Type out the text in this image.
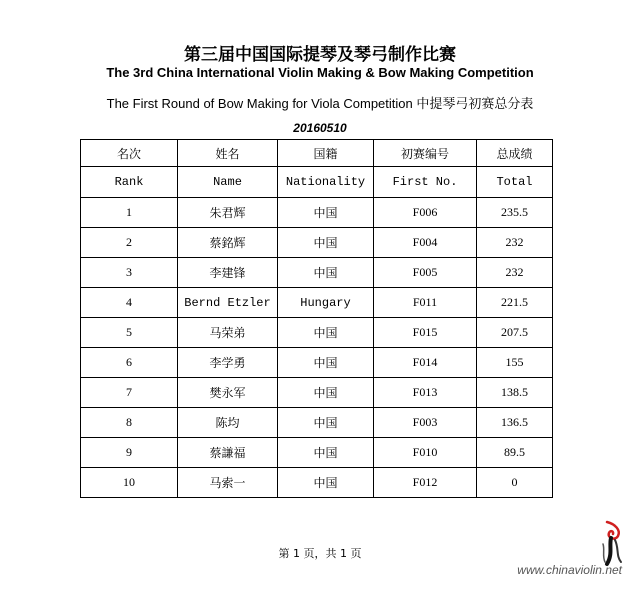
第三届中国国际提琴及琴弓制作比赛
The 3rd China International Violin Making & Bow Making Competition
The First Round of Bow Making for Viola Competition 中提琴弓初赛总分表
20160510
名次	姓名	国籍	初赛编号	总成绩
Rank	Name	Nationality	First No.	Total
1	朱君辉	中国	F006	235.5
2	蔡銘辉	中国	F004	232
3	李建锋	中国	F005	232
4	Bernd Etzler	Hungary	F011	221.5
5	马荣弟	中国	F015	207.5
6	李学勇	中国	F014	155
7	樊永军	中国	F013	138.5
8	陈均	中国	F003	136.5
9	蔡謙福	中国	F010	89.5
10	马索一	中国	F012	0
第 1 页，共 1 页
www.chinaviolin.net
